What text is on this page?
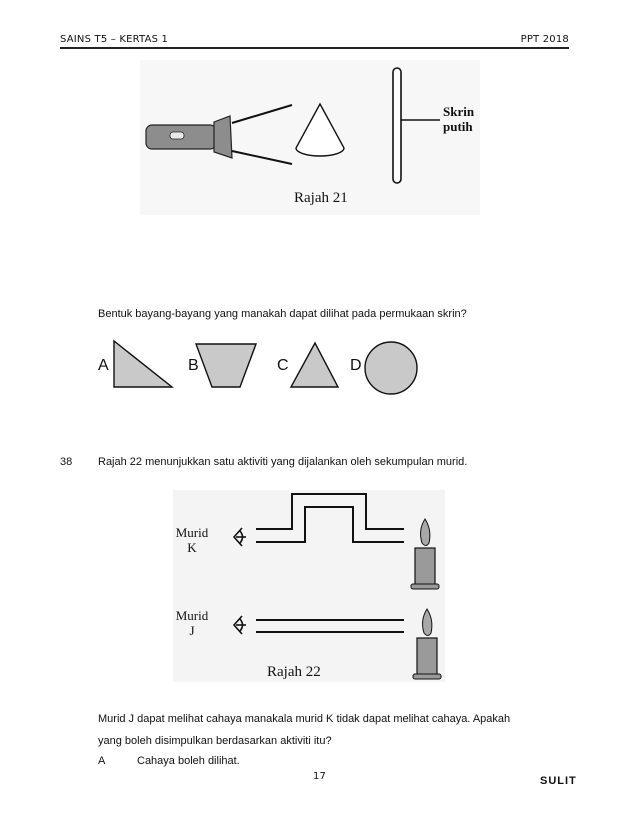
SAINS T5 – KERTAS 1	PPT 2018
Skrin
putih
Rajah 21
Bentuk bayang-bayang yang manakah dapat dilihat pada permukaan skrin?
A	B	C	D
38 Rajah 22 menunjukkan satu aktiviti yang dijalankan oleh sekumpulan murid.
Murid
K
Murid
J
Rajah 22
Murid J dapat melihat cahaya manakala murid K tidak dapat melihat cahaya. Apakah
yang boleh disimpulkan berdasarkan aktiviti itu?
A	Cahaya boleh dilihat.
17	SULIT
